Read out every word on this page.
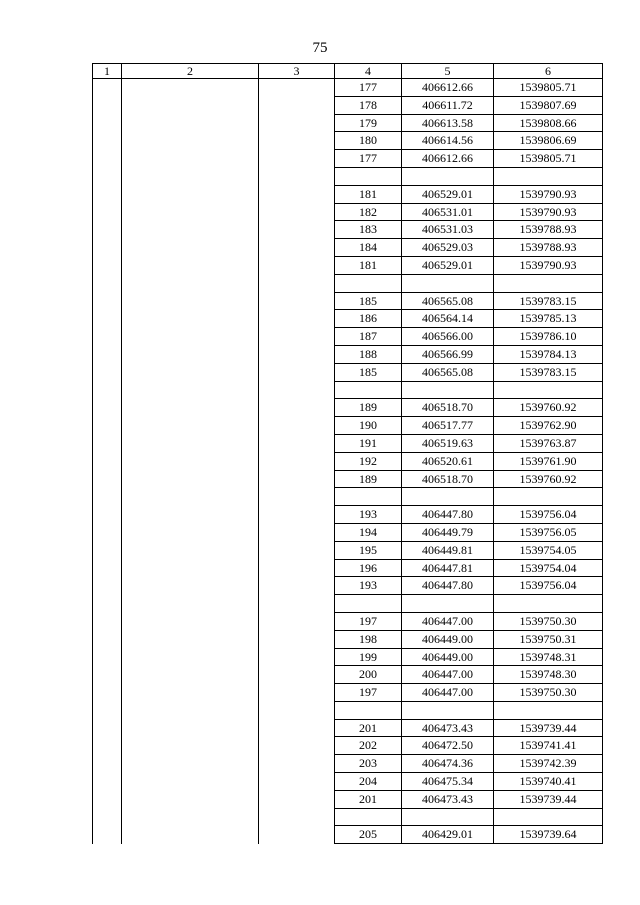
75
1	2	3	4	5	6
			177	406612.66	1539805.71
			178	406611.72	1539807.69
			179	406613.58	1539808.66
			180	406614.56	1539806.69
			177	406612.66	1539805.71

			181	406529.01	1539790.93
			182	406531.01	1539790.93
			183	406531.03	1539788.93
			184	406529.03	1539788.93
			181	406529.01	1539790.93

			185	406565.08	1539783.15
			186	406564.14	1539785.13
			187	406566.00	1539786.10
			188	406566.99	1539784.13
			185	406565.08	1539783.15

			189	406518.70	1539760.92
			190	406517.77	1539762.90
			191	406519.63	1539763.87
			192	406520.61	1539761.90
			189	406518.70	1539760.92

			193	406447.80	1539756.04
			194	406449.79	1539756.05
			195	406449.81	1539754.05
			196	406447.81	1539754.04
			193	406447.80	1539756.04

			197	406447.00	1539750.30
			198	406449.00	1539750.31
			199	406449.00	1539748.31
			200	406447.00	1539748.30
			197	406447.00	1539750.30

			201	406473.43	1539739.44
			202	406472.50	1539741.41
			203	406474.36	1539742.39
			204	406475.34	1539740.41
			201	406473.43	1539739.44

			205	406429.01	1539739.64
